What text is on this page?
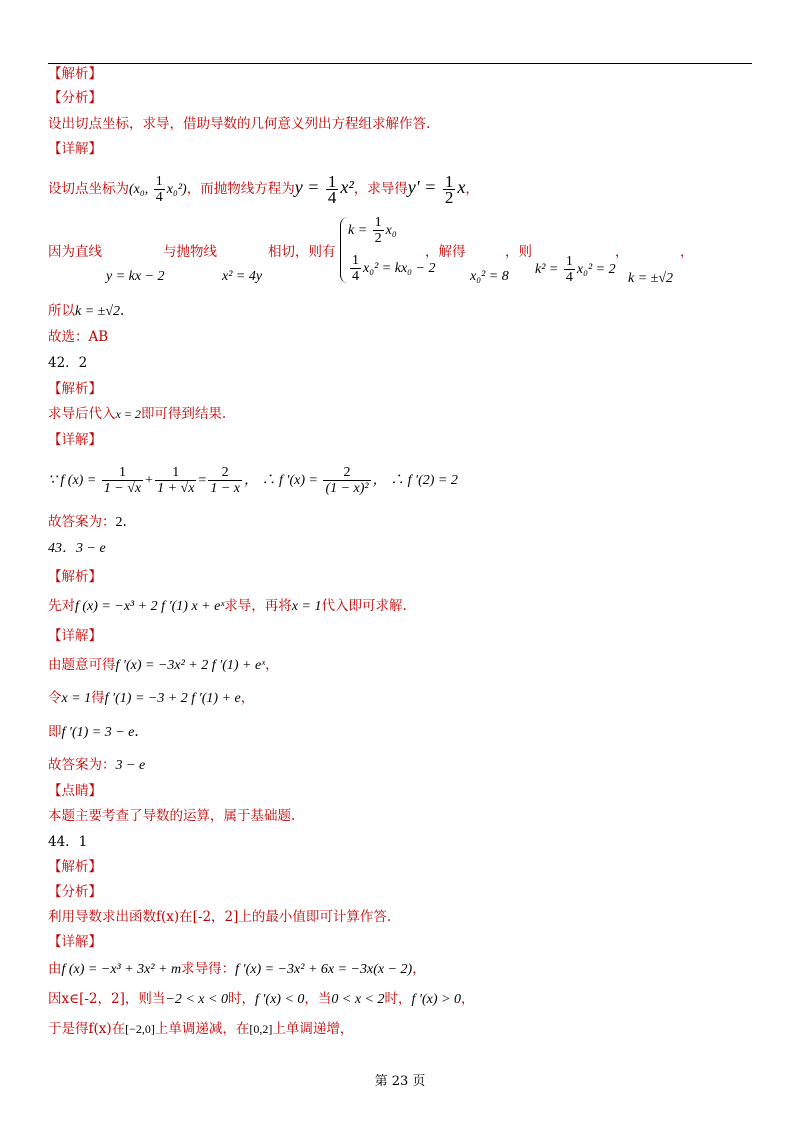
【解析】
【分析】
设出切点坐标，求导，借助导数的几何意义列出方程组求解作答.
【详解】
设切点坐标为(x₀, $\frac{1}{4} x_0^2$)，而抛物线方程为$y = \frac{1}{4} x^2$，求导得$y' = \frac{1}{2}$ x，
因为直线	与抛物线	相切，则有	，解得	，则	，	，
y = kx − 2	x² = 4y
$k = \frac{1}{2} x_0$
$\frac{1}{4} x_0^2 = kx_0 - 2$
x₀² = 8 $k^2 = \frac{1}{4} x_0^2 = 2$
k = ±√2
所以k = ±√2.
故选：AB
42．2
【解析】
求导后代入x = 2即可得到结果.
【详解】
∵ f $(x) = \frac{1}{1 - √x} + \frac{1}{1 + √x} = \frac{2}{1 - x}$ ， ∴ f $'(x) = \frac{2}{\text{(1 − x)²}}$ ， ∴ f ′(2) = 2
故答案为：2.
43．3 − e
【解析】
先对f (x) = −x³ + 2 f ′(1) x + eˣ求导，再将x = 1代入即可求解.
【详解】
由题意可得f ′(x) = −3x² + 2 f ′(1) + eˣ，
令x = 1得f ′(1) = −3 + 2 f ′(1) + e，
即f ′(1) = 3 − e.
故答案为：3 − e
【点睛】
本题主要考查了导数的运算，属于基础题.
44．1
【解析】
【分析】
利用导数求出函数f(x)在[-2，2]上的最小值即可计算作答.
【详解】
由f (x) = −x³ + 3x² + m求导得：f ′(x) = −3x² + 6x = −3x(x − 2)，
因x∈[-2，2]，则当−2 < x < 0时，f ′(x) < 0，当0 < x < 2时，f ′(x) > 0，
于是得f(x)在[−2,0]上单调递减，在[0,2]上单调递增，
第 23 页
